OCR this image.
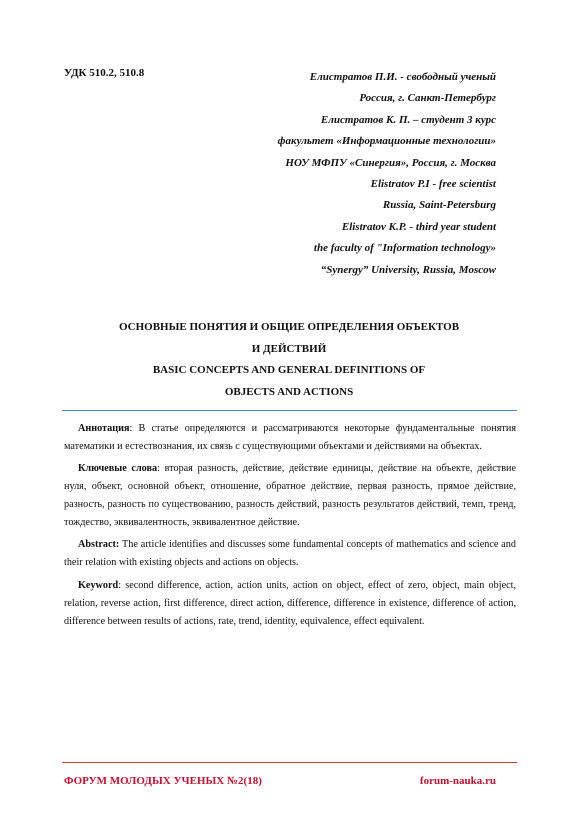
УДК 510.2, 510.8	Елистратов П.И. - свободный ученый
Россия, г. Санкт-Петербург
Елистратов К. П. – студент 3 курс
факультет «Информационные технологии»
НОУ МФПУ «Синергия», Россия, г. Москва
Elistratov P.I - free scientist
Russia, Saint-Petersburg
Elistratov K.P. - third year student
the faculty of "Information technology»
“Synergy” University, Russia, Moscow
ОСНОВНЫЕ ПОНЯТИЯ И ОБЩИЕ ОПРЕДЕЛЕНИЯ ОБЪЕКТОВ
И ДЕЙСТВИЙ
BASIC CONCEPTS AND GENERAL DEFINITIONS OF
OBJECTS AND ACTIONS

Аннотация: В статье определяются и рассматриваются некоторые фундаментальные понятия математики и естествознания, их связь с существующими объектами и действиями на объектах.

Ключевые слова: вторая разность, действие, действие единицы, действие на объекте, действие нуля, объект, основной объект, отношение, обратное действие, первая разность, прямое действие, разность, разность по существованию, разность действий, разность результатов действий, темп, тренд, тождество, эквивалентность, эквивалентное действие.

Abstract: The article identifies and discusses some fundamental concepts of mathematics and science and their relation with existing objects and actions on objects.

Keyword: second difference, action, action units, action on object, effect of zero, object, main object, relation, reverse action, first difference, direct action, difference, difference in existence, difference of action, difference between results of actions, rate, trend, identity, equivalence, effect equivalent.

ФОРУМ МОЛОДЫХ УЧЕНЫХ №2(18)	forum-nauka.ru
